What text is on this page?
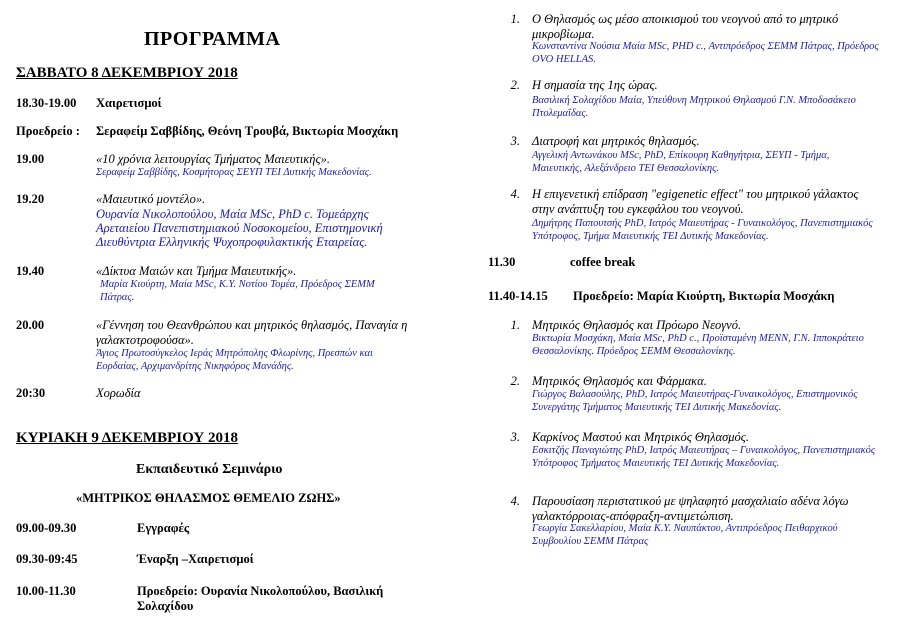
ΠΡΟΓΡΑΜΜΑ
ΣΑΒΒΑΤΟ 8 ΔΕΚΕΜΒΡΙΟΥ 2018
18.30-19.00 Χαιρετισμοί
Προεδρείο : Σεραφείμ Σαββίδης, Θεόνη Τρουβά, Βικτωρία Μοσχάκη
19.00	«10 χρόνια λειτουργίας Τμήματος Μαιευτικής».
Σεραφείμ Σαββίδης, Κοσμήτορας ΣΕΥΠ ΤΕΙ Δυτικής Μακεδονίας.
19.20	«Μαιευτικό μοντέλο».
Ουρανία Νικολοπούλου, Μαία MSc, PhD c. Τομεάρχης
Αρεταιείου Πανεπιστημιακού Νοσοκομείου, Επιστημονική
Διευθύντρια Ελληνικής Ψυχοπροφυλακτικής Εταιρείας.
19.40	«Δίκτυα Μαιών και Τμήμα Μαιευτικής».
Μαρία Κιούρτη, Μαία MSc, Κ.Υ. Νοτίου Τομέα, Πρόεδρος ΣΕΜΜ
Πάτρας.
20.00	«Γέννηση του Θεανθρώπου και μητρικός θηλασμός, Παναγία η γαλακτοτροφούσα».
Άγιος Πρωτοσύγκελος Ιεράς Μητρόπολης Φλωρίνης, Πρεσπών και
Εορδαίας, Αρχιμανδρίτης Νικηφόρος Μανάδης.
20:30	Χορωδία
ΚΥΡΙΑΚΗ 9 ΔΕΚΕΜΒΡΙΟΥ 2018
Εκπαιδευτικό Σεμινάριο
«ΜΗΤΡΙΚΟΣ ΘΗΛΑΣΜΟΣ ΘΕΜΕΛΙΟ ΖΩΗΣ»
09.00-09.30	Εγγραφές
09.30-09:45	Έναρξη –Χαιρετισμοί
10.00-11.30	Προεδρείο: Ουρανία Νικολοπούλου, Βασιλική Σολαχίδου
1. Ο Θηλασμός ως μέσο αποικισμού του νεογνού από το μητρικό μικροβίωμα.
Κωνσταντίνα Νούσια Μαία MSc, PHD c., Αντιπρόεδρος ΣΕΜΜ Πάτρας, Πρόεδρος OVO HELLAS.
2. Η σημασία της 1ης ώρας.
Βασιλική Σολαχίδου Μαία, Υπεύθυνη Μητρικού Θηλασμού Γ.Ν. Μποδοσάκειο Πτολεμαΐδας.
3. Διατροφή και μητρικός θηλασμός.
Αγγελική Αντωνάκου MSc, PhD, Επίκουρη Καθηγήτρια, ΣΕΥΠ - Τμήμα, Μαιευτικής, Αλεξάνδρειο ΤΕΙ Θεσσαλονίκης.
4. Η επιγενετική επίδραση "egigenetic effect" του μητρικού γάλακτος στην ανάπτυξη του εγκεφάλου του νεογνού.
Δημήτρης Παπουτσής PhD, Ιατρός Μαιευτήρας - Γυναικολόγος, Πανεπιστημιακός Υπότροφος, Τμήμα Μαιευτικής ΤΕΙ Δυτικής Μακεδονίας.
11.30	coffee break
11.40-14.15 Προεδρείο: Μαρία Κιούρτη, Βικτωρία Μοσχάκη
1. Μητρικός Θηλασμός και Πρόωρο Νεογνό.
Βικτωρία Μοσχάκη, Μαία MSc, PhD c., Προϊσταμένη ΜΕΝΝ, Γ.Ν. Ιπποκράτειο Θεσσαλονίκης. Πρόεδρος ΣΕΜΜ Θεσσαλονίκης.
2. Μητρικός Θηλασμός και Φάρμακα.
Γιώργος Βαλασούλης, PhD, Ιατρός Μαιευτήρας-Γυναικολόγος, Επιστημονικός Συνεργάτης Τμήματος Μαιευτικής ΤΕΙ Δυτικής Μακεδονίας.
3. Καρκίνος Μαστού και Μητρικός Θηλασμός.
Εσκιτζής Παναγιώτης PhD, Ιατρός Μαιευτήρας – Γυναικολόγος, Πανεπιστημιακός Υπότροφος Τμήματος Μαιευτικής ΤΕΙ Δυτικής Μακεδονίας.
4. Παρουσίαση περιστατικού με ψηλαφητό μασχαλιαίο αδένα λόγω γαλακτόρροιας-απόφραξη-αντιμετώπιση.
Γεωργία Σακελλαρίου, Μαία Κ.Υ. Ναυπάκτου, Αντιπρόεδρος Πειθαρχικού Συμβουλίου ΣΕΜΜ Πάτρας
